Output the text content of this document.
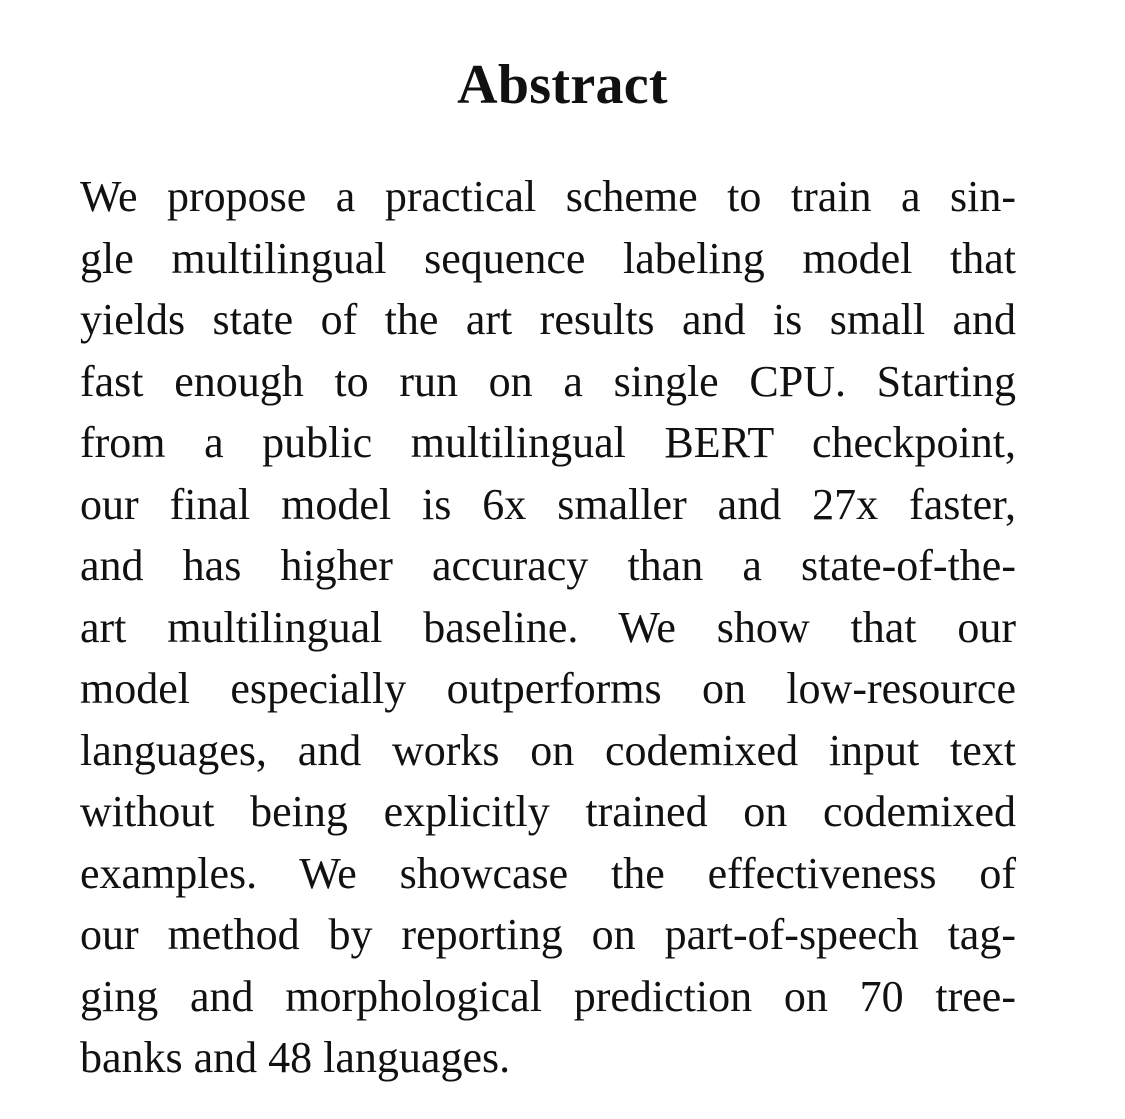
Abstract
We propose a practical scheme to train a sin-
gle multilingual sequence labeling model that
yields state of the art results and is small and
fast enough to run on a single CPU. Starting
from a public multilingual BERT checkpoint,
our final model is 6x smaller and 27x faster,
and has higher accuracy than a state-of-the-
art multilingual baseline. We show that our
model especially outperforms on low-resource
languages, and works on codemixed input text
without being explicitly trained on codemixed
examples. We showcase the effectiveness of
our method by reporting on part-of-speech tag-
ging and morphological prediction on 70 tree-
banks and 48 languages.
